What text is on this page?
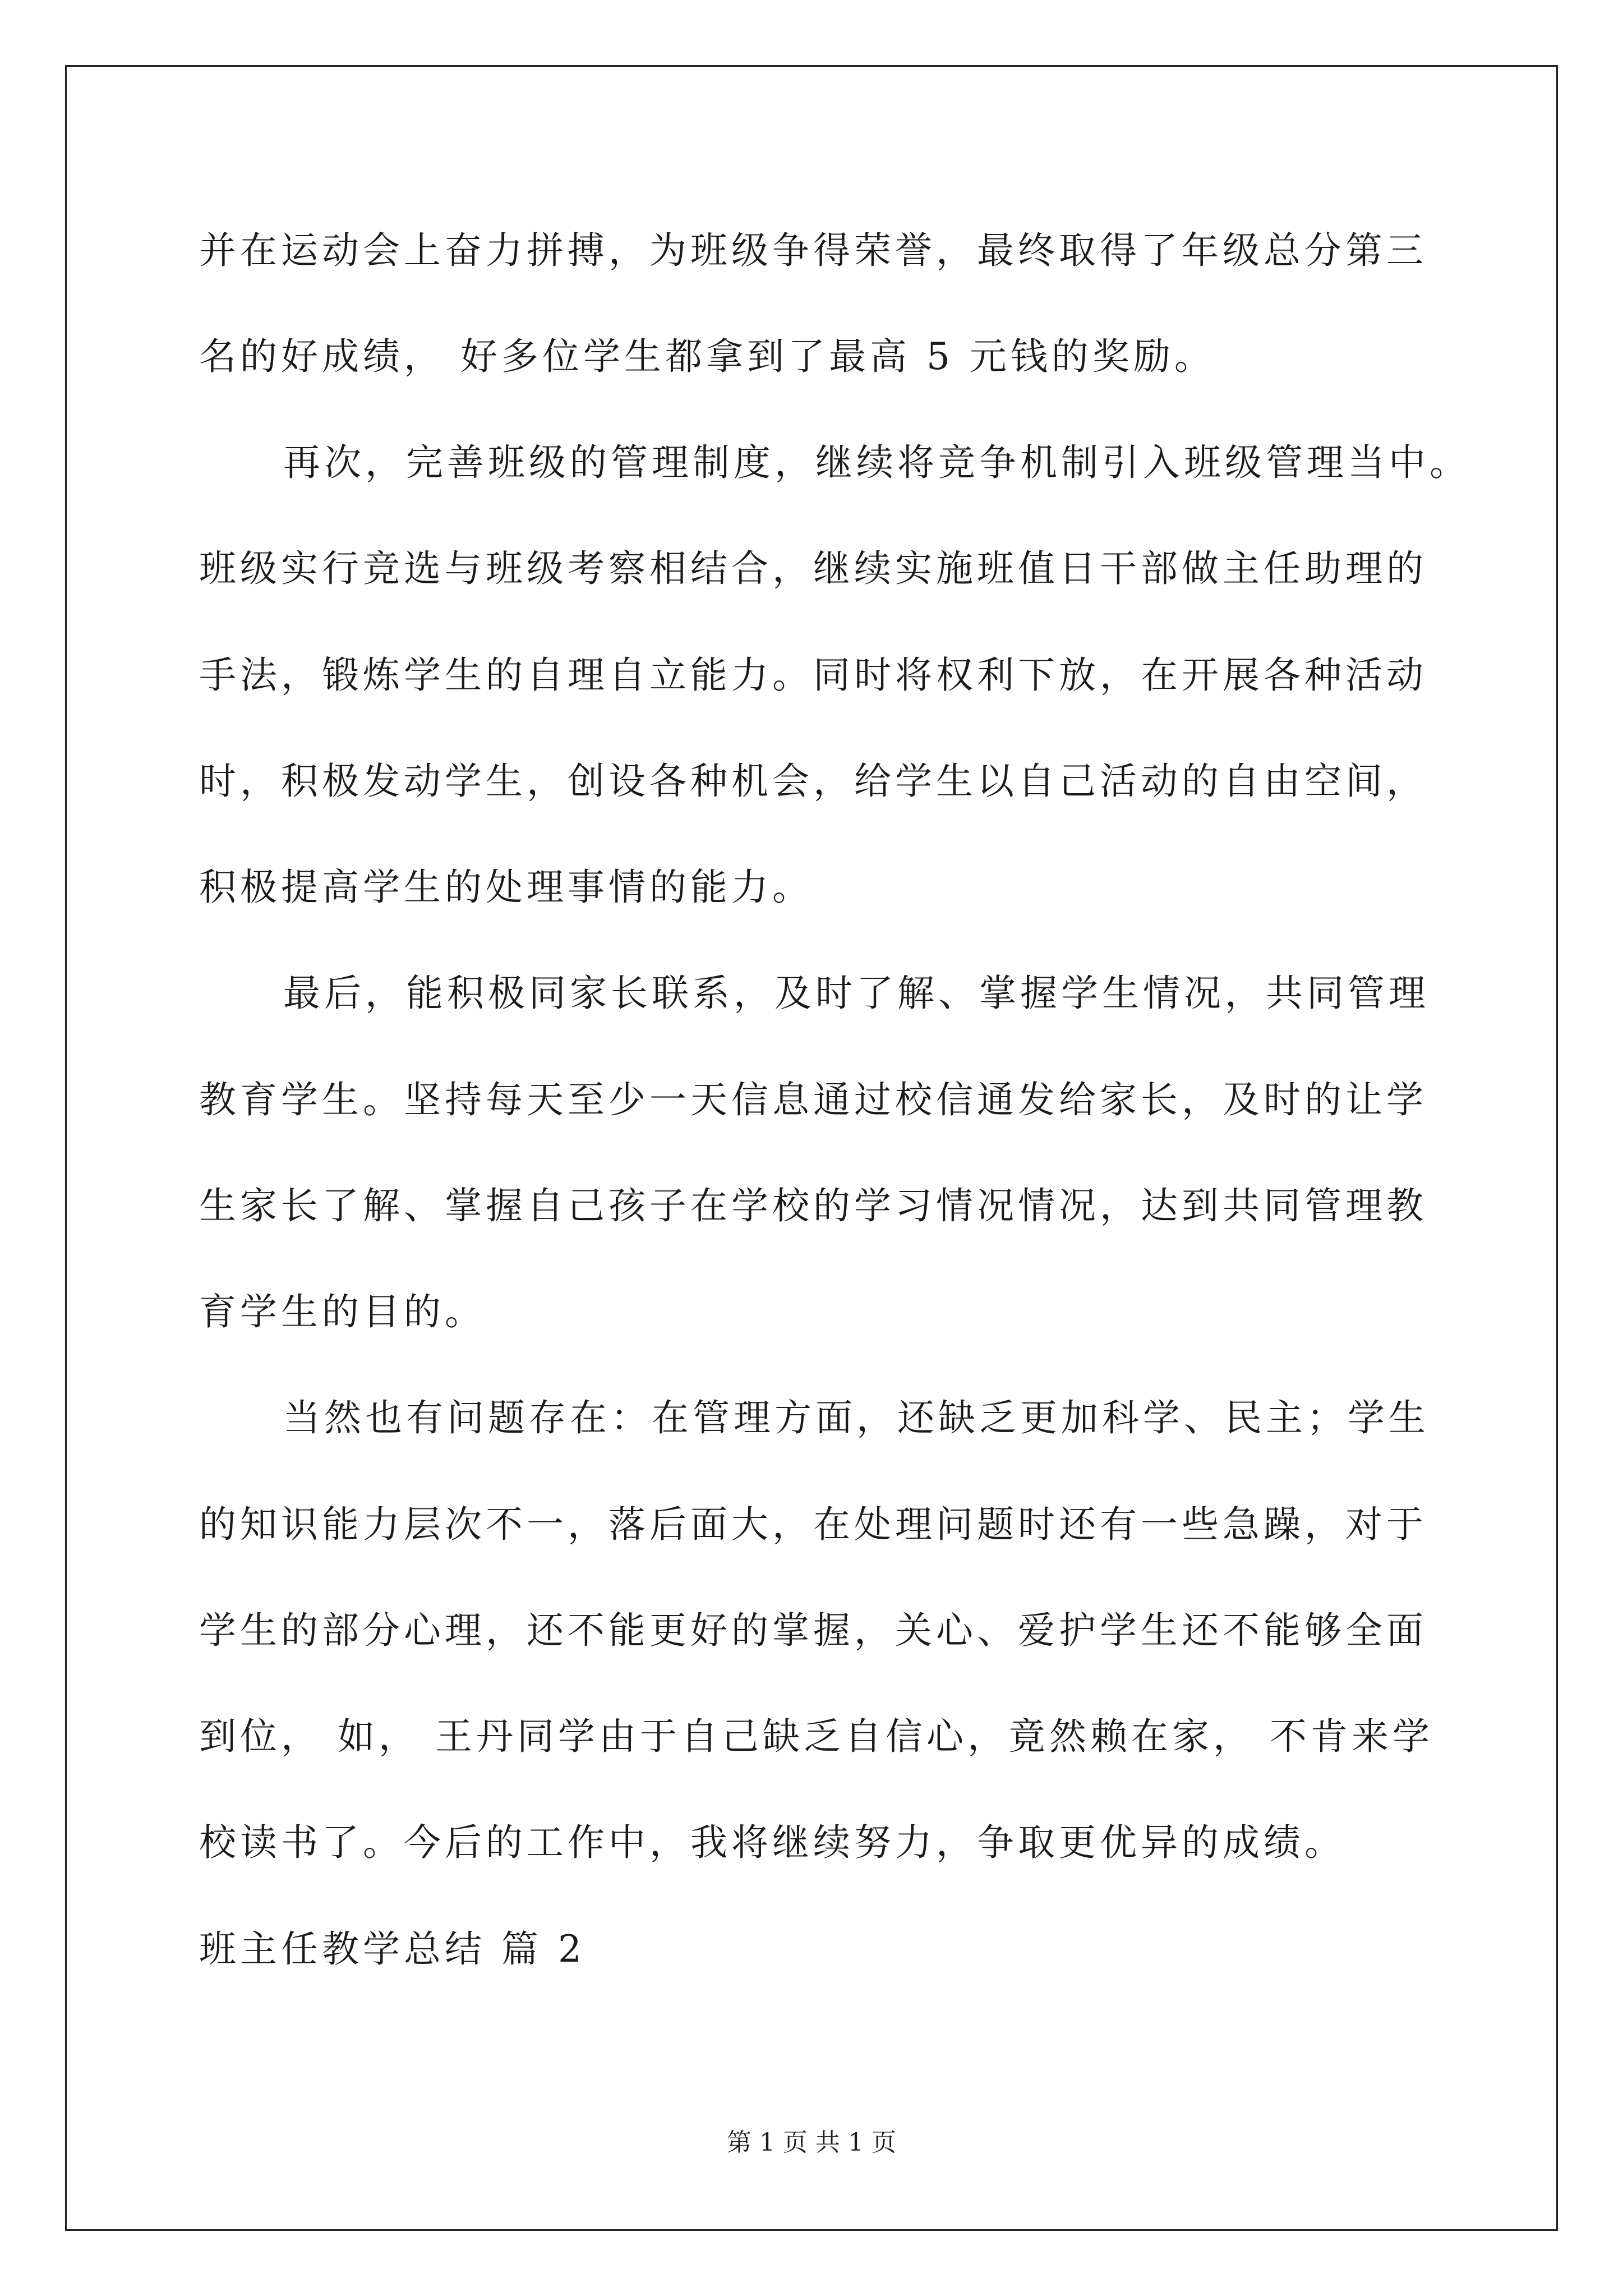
并在运动会上奋力拼搏，为班级争得荣誉，最终取得了年级总分第三
名的好成绩， 好多位学生都拿到了最高 5 元钱的奖励。
再次，完善班级的管理制度，继续将竞争机制引入班级管理当中。
班级实行竞选与班级考察相结合，继续实施班值日干部做主任助理的
手法，锻炼学生的自理自立能力。同时将权利下放，在开展各种活动
时，积极发动学生，创设各种机会，给学生以自己活动的自由空间，
积极提高学生的处理事情的能力。
最后，能积极同家长联系，及时了解、掌握学生情况，共同管理
教育学生。坚持每天至少一天信息通过校信通发给家长，及时的让学
生家长了解、掌握自己孩子在学校的学习情况情况，达到共同管理教
育学生的目的。
当然也有问题存在：在管理方面，还缺乏更加科学、民主；学生
的知识能力层次不一，落后面大，在处理问题时还有一些急躁，对于
学生的部分心理，还不能更好的掌握，关心、爱护学生还不能够全面
到位， 如， 王丹同学由于自己缺乏自信心，竟然赖在家， 不肯来学
校读书了。今后的工作中，我将继续努力，争取更优异的成绩。
班主任教学总结 篇 2
第 1 页 共 1 页
